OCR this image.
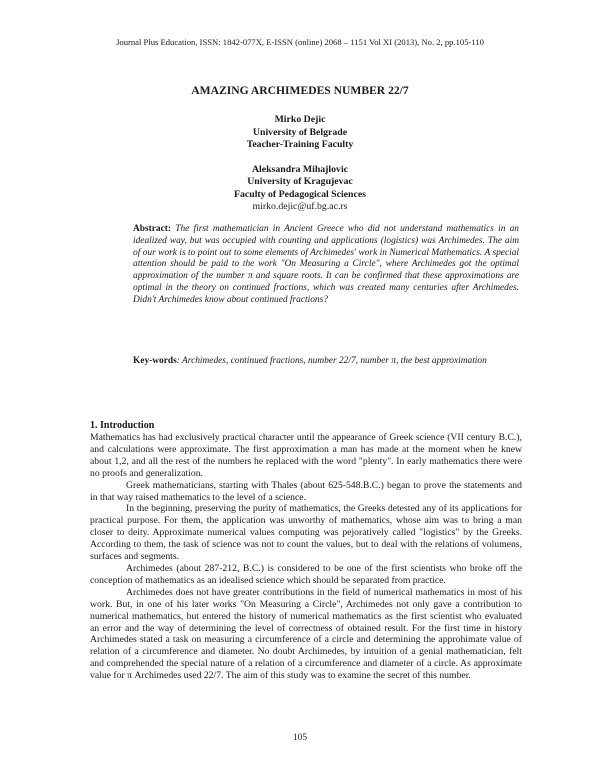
Journal Plus Education, ISSN: 1842-077X, E-ISSN (online) 2068 – 1151 Vol XI (2013), No. 2, pp.105-110
AMAZING ARCHIMEDES NUMBER 22/7
Mirko Dejic
University of Belgrade
Teacher-Training Faculty
Aleksandra Mihajlovic
University of Kragujevac
Faculty of Pedagogical Sciences
mirko.dejic@uf.bg.ac.rs
Abstract: The first mathematician in Ancient Greece who did not understand mathematics in an idealized way, but was occupied with counting and applications (logistics) was Archimedes. The aim of our work is to point out to some elements of Archimedes' work in Numerical Mathematics. A special attention should be paid to the work "On Measuring a Circle", where Archimedes got the optimal approximation of the number π and square roots. It can be confirmed that these approximations are optimal in the theory on continued fractions, which was created many centuries after Archimedes. Didn't Archimedes know about continued fractions?
Key-words: Archimedes, continued fractions, number 22/7, number π, the best approximation
1. Introduction

Mathematics has had exclusively practical character until the appearance of Greek science (VII century B.C.), and calculations were approximate. The first approximation a man has made at the moment when he knew about 1,2, and all the rest of the numbers he replaced with the word "plenty". In early mathematics there were no proofs and generalization.

Greek mathematicians, starting with Thales (about 625-548.B.C.) began to prove the statements and in that way raised mathematics to the level of a science.

In the beginning, preserving the purity of mathematics, the Greeks detested any of its applications for practical purpose. For them, the application was unworthy of mathematics, whose aim was to bring a man closer to deity. Approximate numerical values computing was pejoratively called "logistics" by the Greeks. According to them, the task of science was not to count the values, but to deal with the relations of volumens, surfaces and segments.

Archimedes (about 287-212, B.C.) is considered to be one of the first scientists who broke off the conception of mathematics as an idealised science which should be separated from practice.

Archimedes does not have greater contributions in the field of numerical mathematics in most of his work. But, in one of his later works "On Measuring a Circle", Archimedes not only gave a contribution to numerical mathematics, but entered the history of numerical mathematics as the first scientist who evaluated an error and the way of determining the level of correctness of obtained result. For the first time in history Archimedes stated a task on measuring a circumference of a circle and determining the approhimate value of relation of a circumference and diameter. No doubt Archimedes, by intuition of a genial mathematician, felt and comprehended the special nature of a relation of a circumference and diameter of a circle. As approximate value for π Archimedes used 22/7. The aim of this study was to examine the secret of this number.

105
